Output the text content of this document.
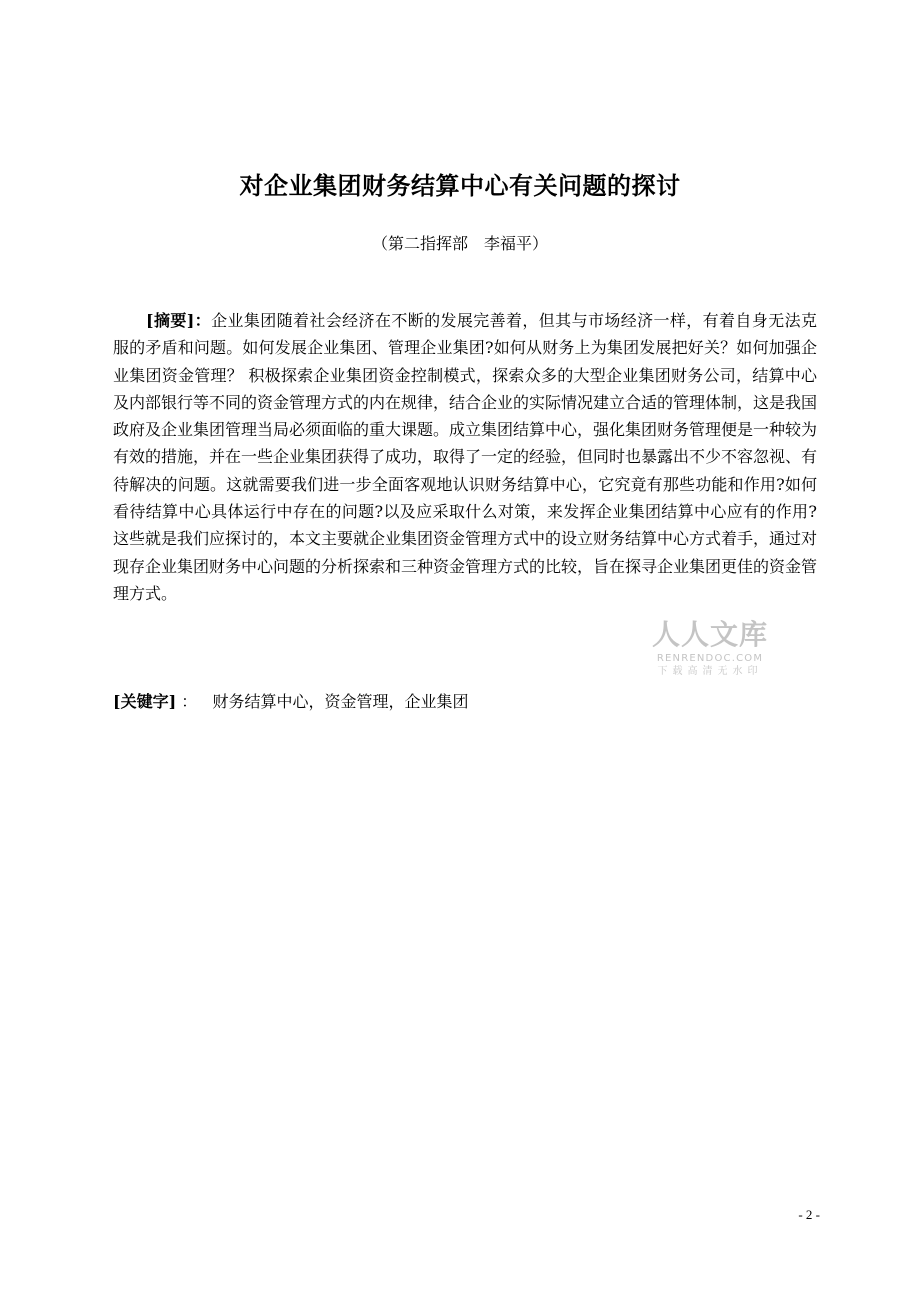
对企业集团财务结算中心有关问题的探讨
（第二指挥部　李福平）

[摘要]：企业集团随着社会经济在不断的发展完善着，但其与市场经济一样，有着自身无法克服的矛盾和问题。如何发展企业集团、管理企业集团?如何从财务上为集团发展把好关？如何加强企业集团资金管理？ 积极探索企业集团资金控制模式，探索众多的大型企业集团财务公司，结算中心及内部银行等不同的资金管理方式的内在规律，结合企业的实际情况建立合适的管理体制，这是我国政府及企业集团管理当局必须面临的重大课题。成立集团结算中心，强化集团财务管理便是一种较为有效的措施，并在一些企业集团获得了成功，取得了一定的经验，但同时也暴露出不少不容忽视、有待解决的问题。这就需要我们进一步全面客观地认识财务结算中心，它究竟有那些功能和作用?如何看待结算中心具体运行中存在的问题?以及应采取什么对策，来发挥企业集团结算中心应有的作用?这些就是我们应探讨的，本文主要就企业集团资金管理方式中的设立财务结算中心方式着手，通过对现存企业集团财务中心问题的分析探索和三种资金管理方式的比较，旨在探寻企业集团更佳的资金管理方式。

人人文库
RENRENDOC.COM
下载高清无水印
[关键字] ： 财务结算中心，资金管理，企业集团
- 2 -
